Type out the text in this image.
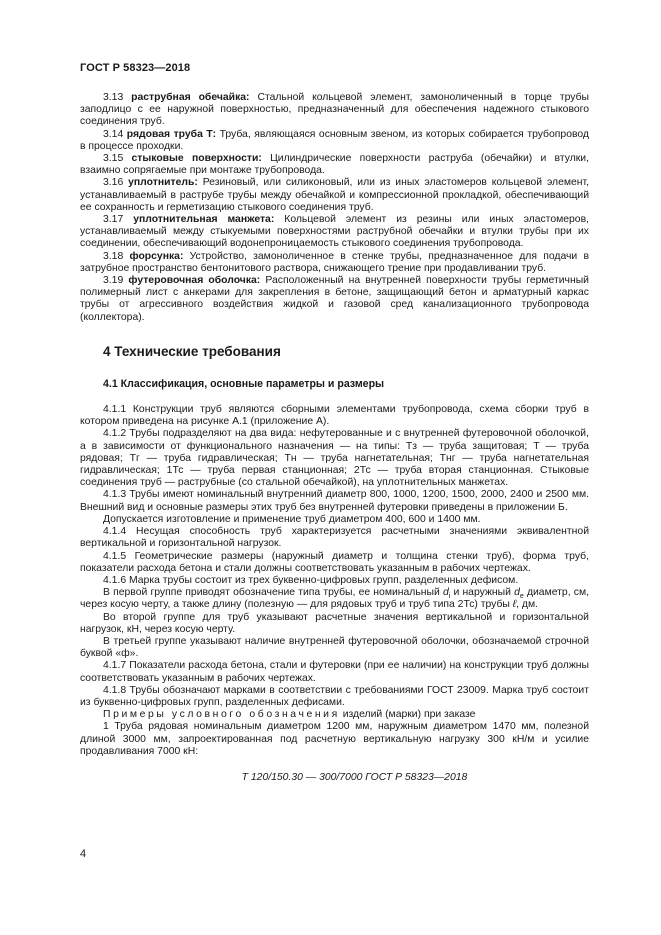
ГОСТ Р 58323—2018

3.13 раструбная обечайка: Стальной кольцевой элемент, замоноличенный в торце трубы заподлицо с ее наружной поверхностью, предназначенный для обеспечения надежного стыкового соединения труб.

3.14 рядовая труба Т: Труба, являющаяся основным звеном, из которых собирается трубопровод в процессе проходки.

3.15 стыковые поверхности: Цилиндрические поверхности раструба (обечайки) и втулки, взаимно сопрягаемые при монтаже трубопровода.

3.16 уплотнитель: Резиновый, или силиконовый, или из иных эластомеров кольцевой элемент, устанавливаемый в раструбе трубы между обечайкой и компрессионной прокладкой, обеспечивающий ее сохранность и герметизацию стыкового соединения труб.

3.17 уплотнительная манжета: Кольцевой элемент из резины или иных эластомеров, устанавливаемый между стыкуемыми поверхностями раструбной обечайки и втулки трубы при их соединении, обеспечивающий водонепроницаемость стыкового соединения трубопровода.

3.18 форсунка: Устройство, замоноличенное в стенке трубы, предназначенное для подачи в затрубное пространство бентонитового раствора, снижающего трение при продавливании труб.

3.19 футеровочная оболочка: Расположенный на внутренней поверхности трубы герметичный полимерный лист с анкерами для закрепления в бетоне, защищающий бетон и арматурный каркас трубы от агрессивного воздействия жидкой и газовой сред канализационного трубопровода (коллектора).

4 Технические требования
4.1 Классификация, основные параметры и размеры

4.1.1 Конструкции труб являются сборными элементами трубопровода, схема сборки труб в котором приведена на рисунке А.1 (приложение А).

4.1.2 Трубы подразделяют на два вида: нефутерованные и с внутренней футеровочной оболочкой, а в зависимости от функционального назначения — на типы: Тз — труба защитовая; Т — труба рядовая; Тг — труба гидравлическая; Тн — труба нагнетательная; Тнг — труба нагнетательная гидравлическая; 1Тс — труба первая станционная; 2Тс — труба вторая станционная. Стыковые соединения труб — раструбные (со стальной обечайкой), на уплотнительных манжетах.

4.1.3 Трубы имеют номинальный внутренний диаметр 800, 1000, 1200, 1500, 2000, 2400 и 2500 мм. Внешний вид и основные размеры этих труб без внутренней футеровки приведены в приложении Б.

Допускается изготовление и применение труб диаметром 400, 600 и 1400 мм.

4.1.4 Несущая способность труб характеризуется расчетными значениями эквивалентной вертикальной и горизонтальной нагрузок.

4.1.5 Геометрические размеры (наружный диаметр и толщина стенки труб), форма труб, показатели расхода бетона и стали должны соответствовать указанным в рабочих чертежах.

4.1.6 Марка трубы состоит из трех буквенно-цифровых групп, разделенных дефисом.

В первой группе приводят обозначение типа трубы, ее номинальный $d_i$ и наружный $d_e$ диаметр, см, через косую черту, а также длину (полезную — для рядовых труб и труб типа 2Тс) трубы ℓ, дм.

Во второй группе для труб указывают расчетные значения вертикальной и горизонтальной нагрузок, кН, через косую черту.

В третьей группе указывают наличие внутренней футеровочной оболочки, обозначаемой строчной буквой «ф».

4.1.7 Показатели расхода бетона, стали и футеровки (при ее наличии) на конструкции труб должны соответствовать указанным в рабочих чертежах.

4.1.8 Трубы обозначают марками в соответствии с требованиями ГОСТ 23009. Марка труб состоит из буквенно-цифровых групп, разделенных дефисами.

Примеры условного обозначения изделий (марки) при заказе

1 Труба рядовая номинальным диаметром 1200 мм, наружным диаметром 1470 мм, полезной длиной 3000 мм, запроектированная под расчетную вертикальную нагрузку 300 кН/м и усилие продавливания 7000 кН:

Т 120/150.30 — 300/7000 ГОСТ Р 58323—2018
4
